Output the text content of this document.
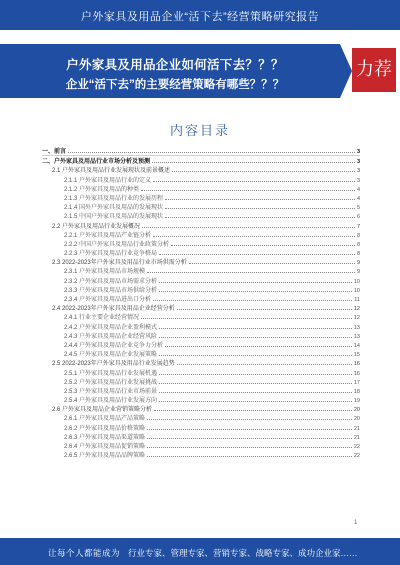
户外家具及用品企业“活下去”经营策略研究报告
户外家具及用品企业如何活下去？？？
企业“活下去”的主要经营策略有哪些？？？
力荐
内容目录
一、前言	3
二、户外家具及用品行业市场分析及预测	3
2.1 户外家具及用品行业发展现状及前景概述	3
2.1.1 户外家具及用品行业的定义	3
2.1.2 户外家具及用品的种类	4
2.1.3 户外家具及用品行业的发展历程	4
2.1.4 国外户外家具及用品的发展现状	5
2.1.5 中国户外家具及用品的发展现状	6
2.2 户外家具及用品行业发展概况	7
2.2.1 户外家具及用品产业链分析	8
2.2.2 中国户外家具及用品行业政策分析	8
2.2.3 户外家具及用品行业竞争格局	8
2.3 2022-2023年户外家具及用品行业市场供需分析	9
2.3.1 户外家具及用品市场规模	9
2.3.2 户外家具及用品市场需求分析	10
2.3.3 户外家具及用品市场供给分析	10
2.3.4 户外家具及用品进出口分析	11
2.4 2022-2023年户外家具及用品企业经营分析	12
2.4.1 行业主要企业经营情况	12
2.4.2 户外家具及用品企业盈利模式	13
2.4.3 户外家具及用品企业经营风险	13
2.4.4 户外家具及用品企业竞争力分析	14
2.4.5 户外家具及用品企业发展策略	15
2.5 2022-2023年户外家具及用品行业发展趋势	16
2.5.1 户外家具及用品行业发展机遇	16
2.5.2 户外家具及用品行业发展挑战	17
2.5.3 户外家具及用品行业市场前景	18
2.5.4 户外家具及用品行业发展方向	19
2.6 户外家具及用品企业营销策略分析	20
2.6.1 户外家具及用品产品策略	20
2.6.2 户外家具及用品价格策略	21
2.6.3 户外家具及用品渠道策略	21
2.6.4 户外家具及用品促销策略	22
2.6.5 户外家具及用品品牌策略	22
1
让每个人都能成为 行业专家、管理专家、营销专家、战略专家、成功企业家……
